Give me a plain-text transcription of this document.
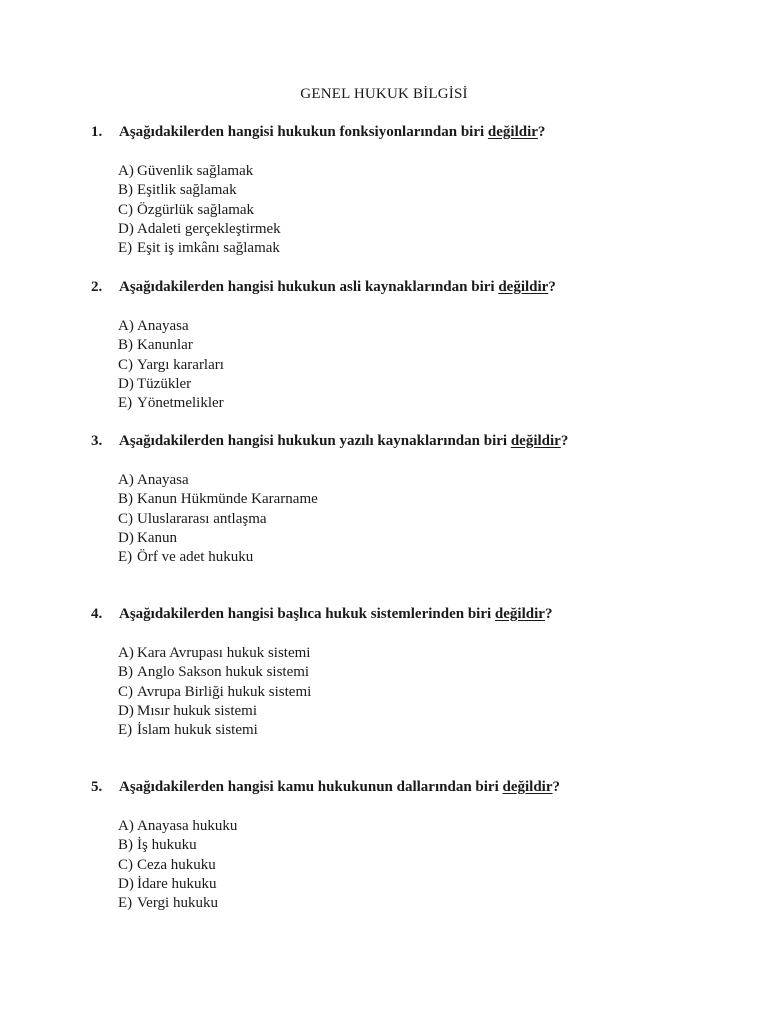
GENEL HUKUK BİLGİSİ
1. Aşağıdakilerden hangisi hukukun fonksiyonlarından biri değildir?
A) Güvenlik sağlamak
B) Eşitlik sağlamak
C) Özgürlük sağlamak
D) Adaleti gerçekleştirmek
E) Eşit iş imkânı sağlamak
2. Aşağıdakilerden hangisi hukukun asli kaynaklarından biri değildir?
A) Anayasa
B) Kanunlar
C) Yargı kararları
D) Tüzükler
E) Yönetmelikler
3. Aşağıdakilerden hangisi hukukun yazılı kaynaklarından biri değildir?
A) Anayasa
B) Kanun Hükmünde Kararname
C) Uluslararası antlaşma
D) Kanun
E) Örf ve adet hukuku
4. Aşağıdakilerden hangisi başlıca hukuk sistemlerinden biri değildir?
A) Kara Avrupası hukuk sistemi
B) Anglo Sakson hukuk sistemi
C) Avrupa Birliği hukuk sistemi
D) Mısır hukuk sistemi
E) İslam hukuk sistemi
5. Aşağıdakilerden hangisi kamu hukukunun dallarından biri değildir?
A) Anayasa hukuku
B) İş hukuku
C) Ceza hukuku
D) İdare hukuku
E) Vergi hukuku
